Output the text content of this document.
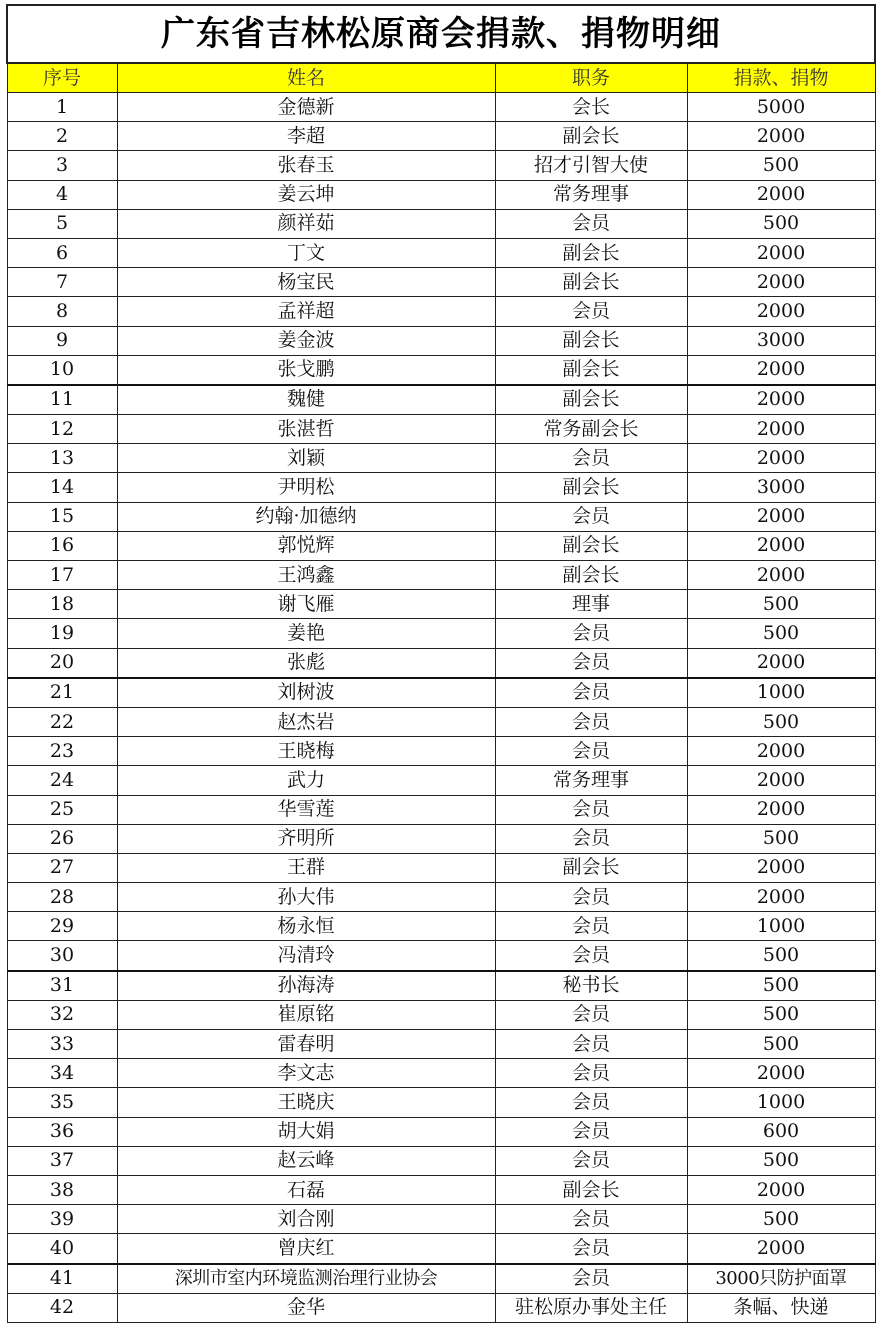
广东省吉林松原商会捐款、捐物明细			
序号	姓名	职务	捐款、捐物
1	金德新	会长	5000
2	李超	副会长	2000
3	张春玉	招才引智大使	500
4	姜云坤	常务理事	2000
5	颜祥茹	会员	500
6	丁文	副会长	2000
7	杨宝民	副会长	2000
8	孟祥超	会员	2000
9	姜金波	副会长	3000
10	张戈鹏	副会长	2000
11	魏健	副会长	2000
12	张湛哲	常务副会长	2000
13	刘颖	会员	2000
14	尹明松	副会长	3000
15	约翰·加德纳	会员	2000
16	郭悦辉	副会长	2000
17	王鸿鑫	副会长	2000
18	谢飞雁	理事	500
19	姜艳	会员	500
20	张彪	会员	2000
21	刘树波	会员	1000
22	赵杰岩	会员	500
23	王晓梅	会员	2000
24	武力	常务理事	2000
25	华雪莲	会员	2000
26	齐明所	会员	500
27	王群	副会长	2000
28	孙大伟	会员	2000
29	杨永恒	会员	1000
30	冯清玲	会员	500
31	孙海涛	秘书长	500
32	崔原铭	会员	500
33	雷春明	会员	500
34	李文志	会员	2000
35	王晓庆	会员	1000
36	胡大娟	会员	600
37	赵云峰	会员	500
38	石磊	副会长	2000
39	刘合刚	会员	500
40	曾庆红	会员	2000
41	深圳市室内环境监测治理行业协会	会员	3000只防护面罩
42	金华	驻松原办事处主任	条幅、快递
